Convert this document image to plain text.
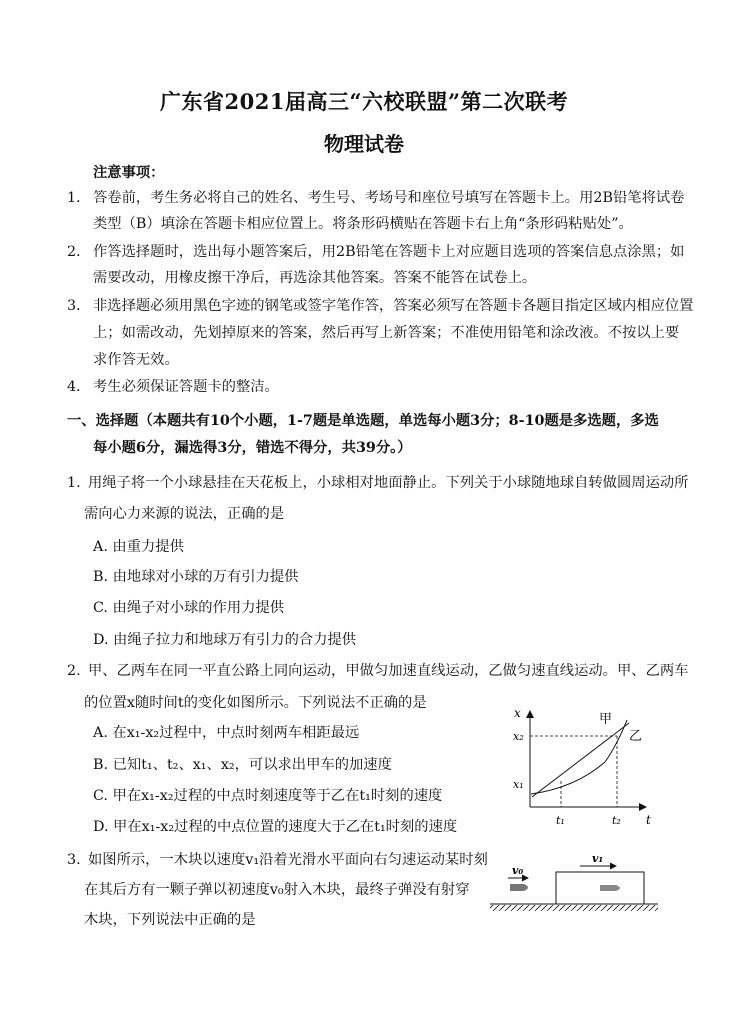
广东省2021届高三“六校联盟”第二次联考
物理试卷
注意事项：
1． 答卷前，考生务必将自己的姓名、考生号、考场号和座位号填写在答题卡上。用2B铅笔将试卷
类型（B）填涂在答题卡相应位置上。将条形码横贴在答题卡右上角“条形码粘贴处”。
2． 作答选择题时，选出每小题答案后，用2B铅笔在答题卡上对应题目选项的答案信息点涂黑；如
需要改动，用橡皮擦干净后，再选涂其他答案。答案不能答在试卷上。
3． 非选择题必须用黑色字迹的钢笔或签字笔作答，答案必须写在答题卡各题目指定区域内相应位置
上；如需改动，先划掉原来的答案，然后再写上新答案；不准使用铅笔和涂改液。不按以上要
求作答无效。
4． 考生必须保证答题卡的整洁。
一、选择题（本题共有10个小题，1-7题是单选题，单选每小题3分；8-10题是多选题，多选
每小题6分，漏选得3分，错选不得分，共39分。）
1. 用绳子将一个小球悬挂在天花板上，小球相对地面静止。下列关于小球随地球自转做圆周运动所
需向心力来源的说法，正确的是
A. 由重力提供
B. 由地球对小球的万有引力提供
C. 由绳子对小球的作用力提供
D. 由绳子拉力和地球万有引力的合力提供
2. 甲、乙两车在同一平直公路上同向运动，甲做匀加速直线运动，乙做匀速直线运动。甲、乙两车
的位置x随时间t的变化如图所示。下列说法不正确的是
A. 在x₁-x₂过程中，中点时刻两车相距最远
B. 已知t₁、t₂、x₁、x₂，可以求出甲车的加速度
C. 甲在x₁-x₂过程的中点时刻速度等于乙在t₁时刻的速度
D. 甲在x₁-x₂过程的中点位置的速度大于乙在t₁时刻的速度
x
t
甲
乙
x₂
x₁
t₁	t₂
3. 如图所示，一木块以速度v₁沿着光滑水平面向右匀速运动某时刻
在其后方有一颗子弹以初速度v₀射入木块，最终子弹没有射穿
木块，下列说法中正确的是
v₀
v₁
